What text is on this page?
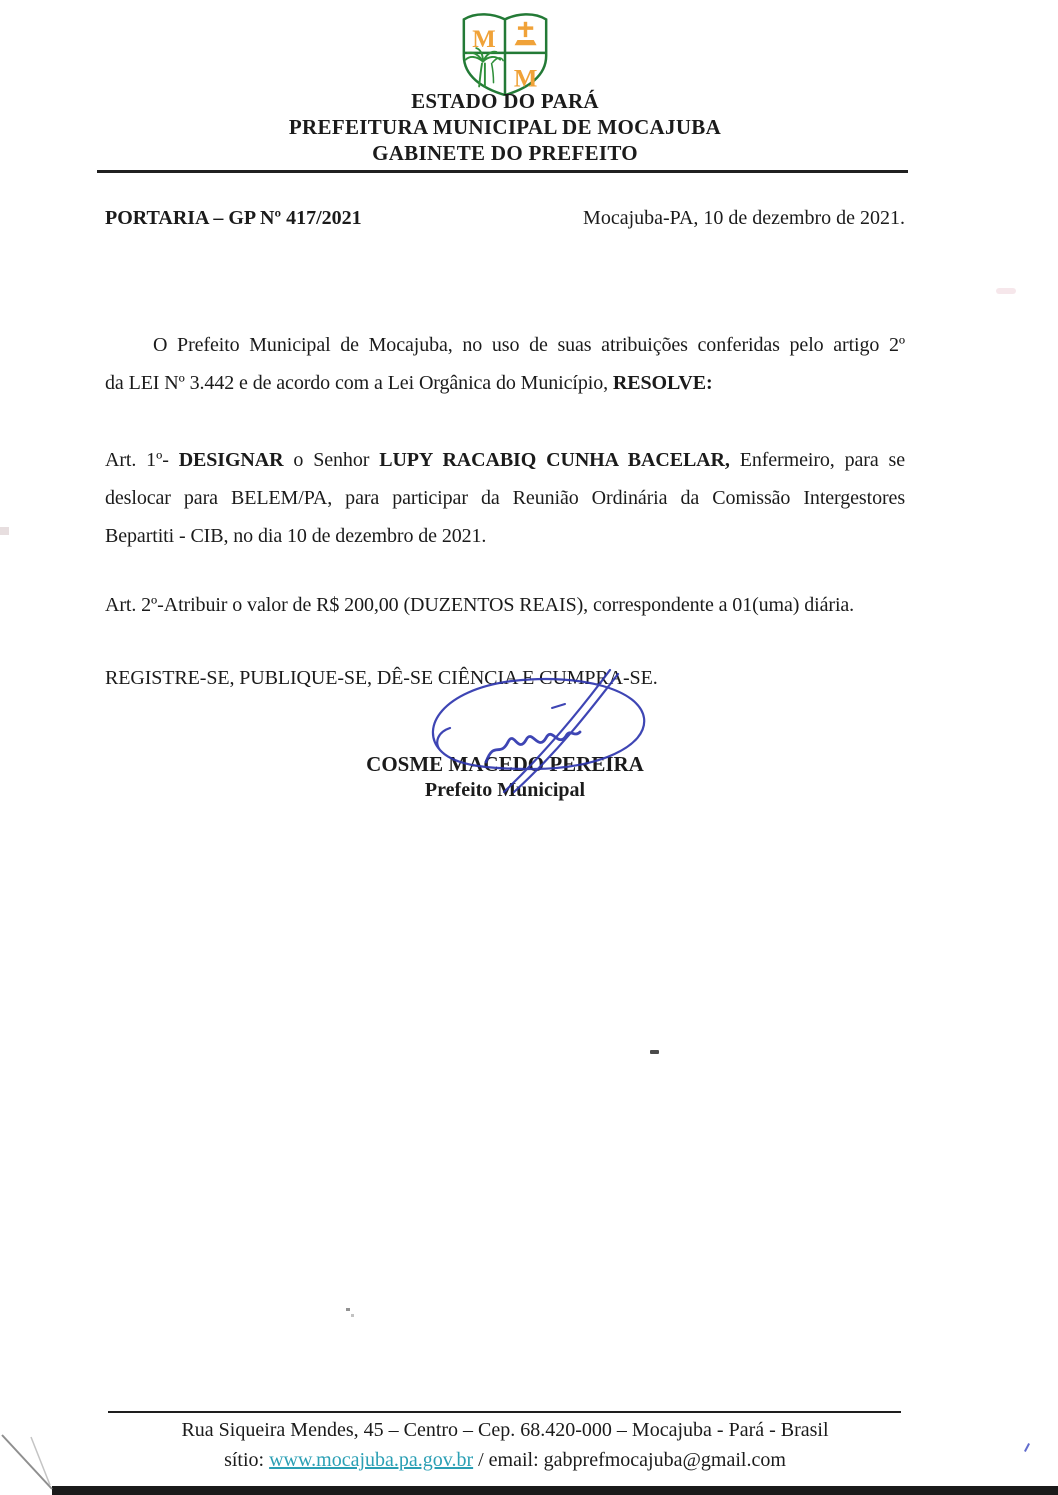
M
M
ESTADO DO PARÁ
PREFEITURA MUNICIPAL DE MOCAJUBA
GABINETE DO PREFEITO
PORTARIA – GP Nº 417/2021	Mocajuba-PA, 10 de dezembro de 2021.
O Prefeito Municipal de Mocajuba, no uso de suas atribuições conferidas pelo artigo 2º
da LEI Nº 3.442 e de acordo com a Lei Orgânica do Município, RESOLVE:
Art. 1º- DESIGNAR o Senhor LUPY RACABIQ CUNHA BACELAR, Enfermeiro, para se
deslocar para BELEM/PA, para participar da Reunião Ordinária da Comissão Intergestores
Bepartiti - CIB, no dia 10 de dezembro de 2021.
Art. 2º-Atribuir o valor de R$ 200,00 (DUZENTOS REAIS), correspondente a 01(uma) diária.
REGISTRE-SE, PUBLIQUE-SE, DÊ-SE CIÊNCIA E CUMPRA-SE.
COSME MACEDO PEREIRA
Prefeito Municipal
Rua Siqueira Mendes, 45 – Centro – Cep. 68.420-000 – Mocajuba - Pará - Brasil
sítio: www.mocajuba.pa.gov.br / email: gabprefmocajuba@gmail.com
